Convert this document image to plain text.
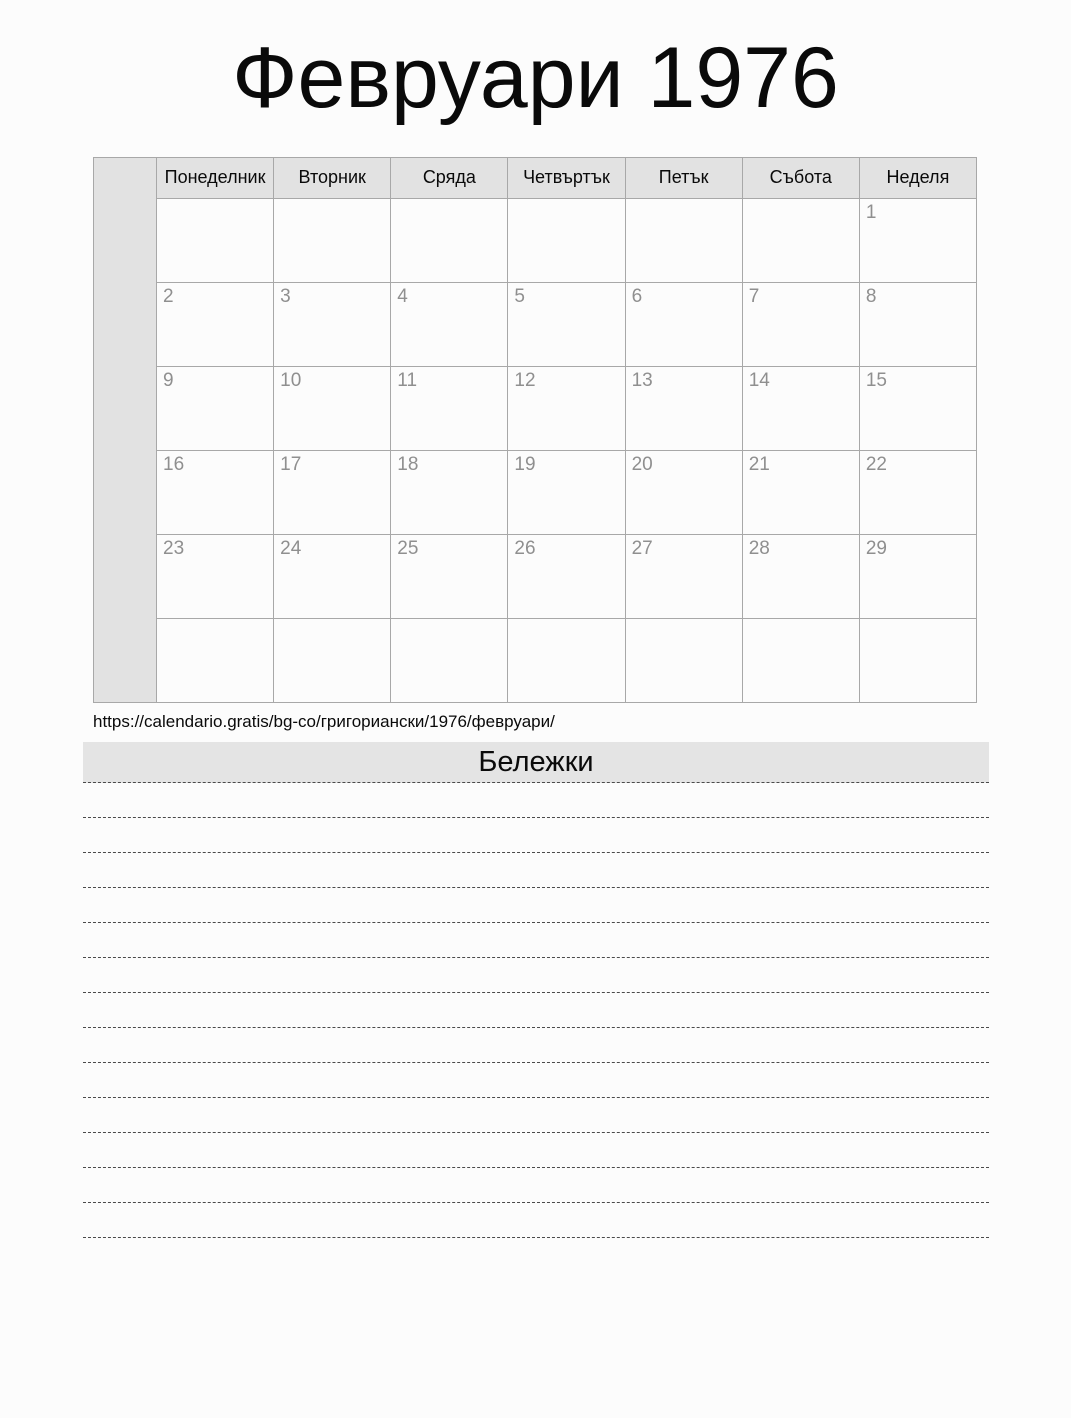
Февруари 1976
	Понеделник	Вторник	Сряда	Четвъртък	Петък	Събота	Неделя
							1
	2	3	4	5	6	7	8
	9	10	11	12	13	14	15
	16	17	18	19	20	21	22
	23	24	25	26	27	28	29

https://calendario.gratis/bg-co/григориански/1976/февруари/
Бележки
